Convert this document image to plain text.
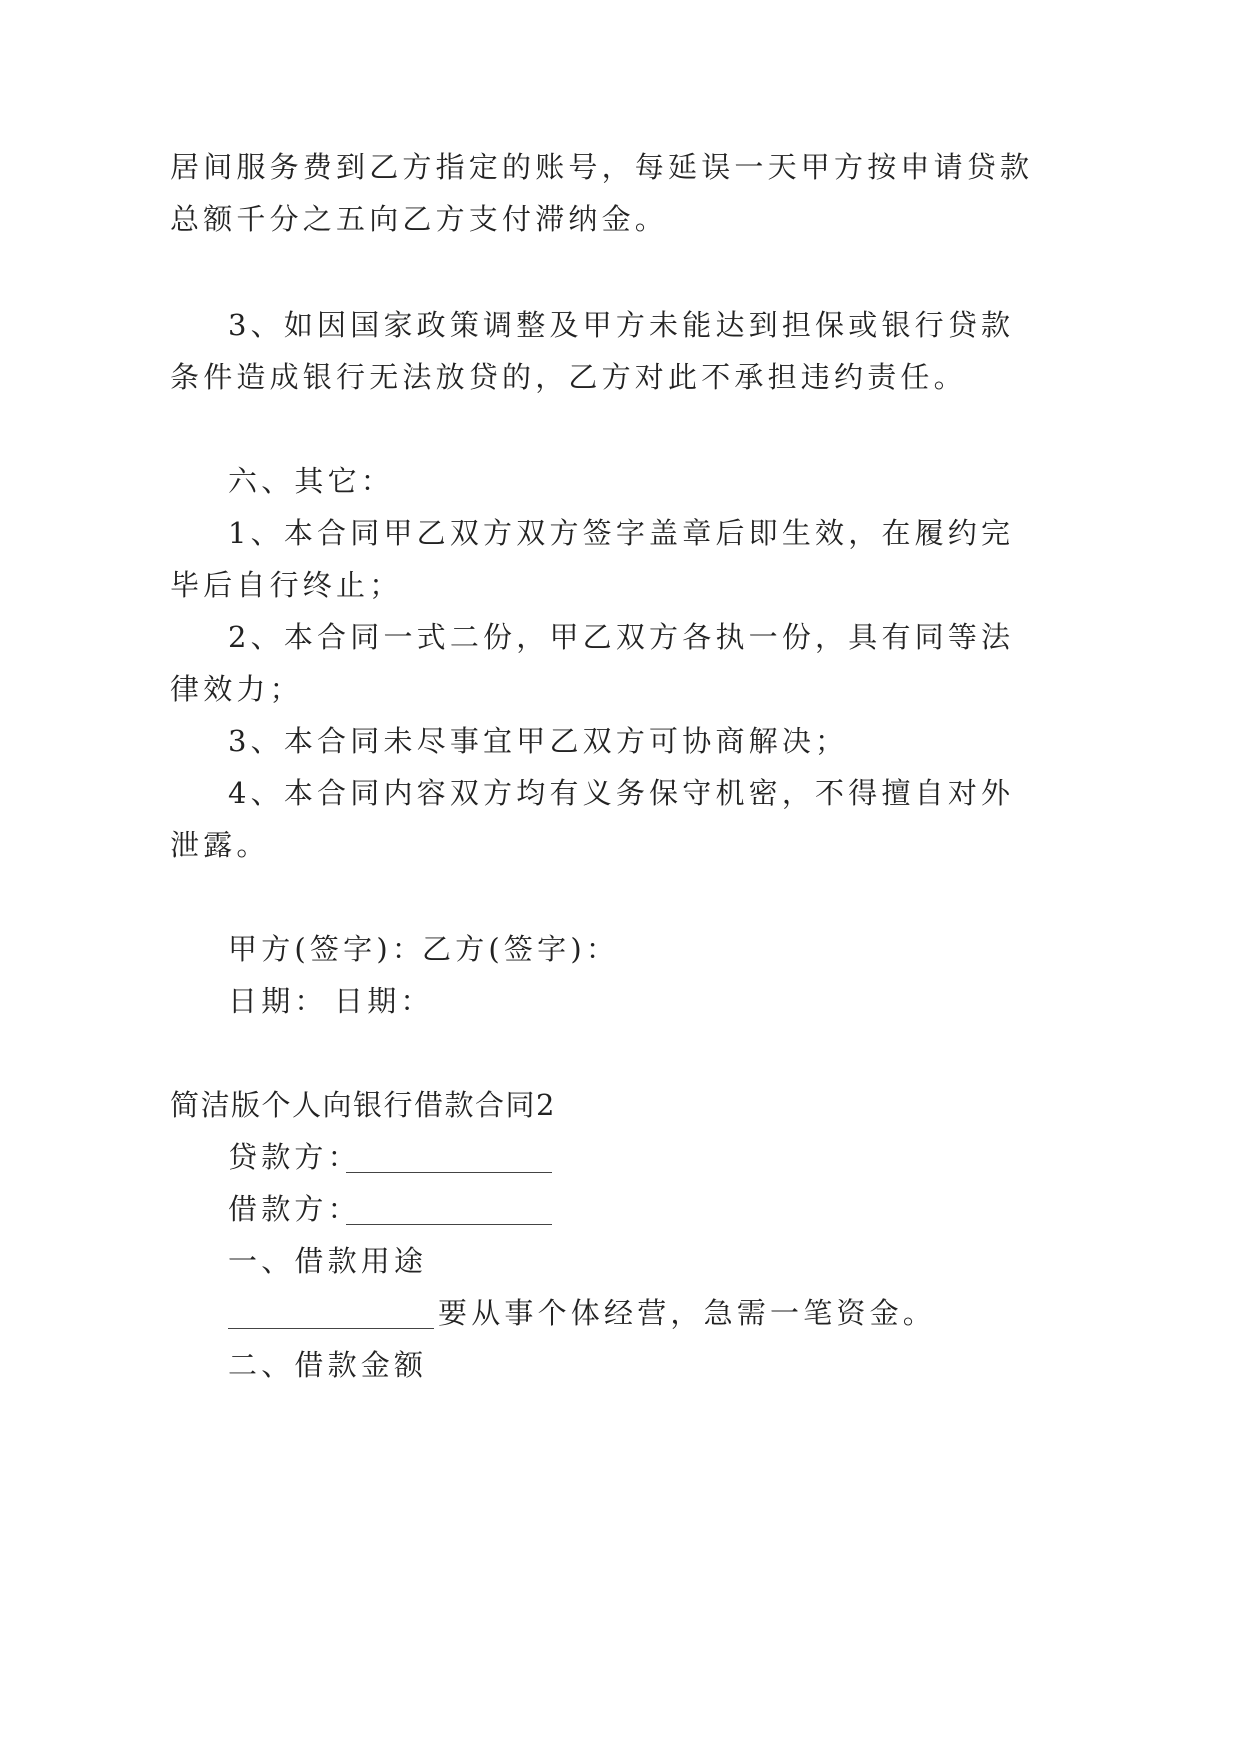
居间服务费到乙方指定的账号，每延误一天甲方按申请贷款
总额千分之五向乙方支付滞纳金。
3、如因国家政策调整及甲方未能达到担保或银行贷款
条件造成银行无法放贷的，乙方对此不承担违约责任。
六、其它：
1、本合同甲乙双方双方签字盖章后即生效，在履约完
毕后自行终止；
2、本合同一式二份，甲乙双方各执一份，具有同等法
律效力；
3、本合同未尽事宜甲乙双方可协商解决；
4、本合同内容双方均有义务保守机密，不得擅自对外
泄露。
甲方(签字)：
乙方(签字)：
日期： 日期：
简洁版个人向银行借款合同2
贷款方：
借款方：
一、借款用途
要从事个体经营，急需一笔资金。
二、借款金额
